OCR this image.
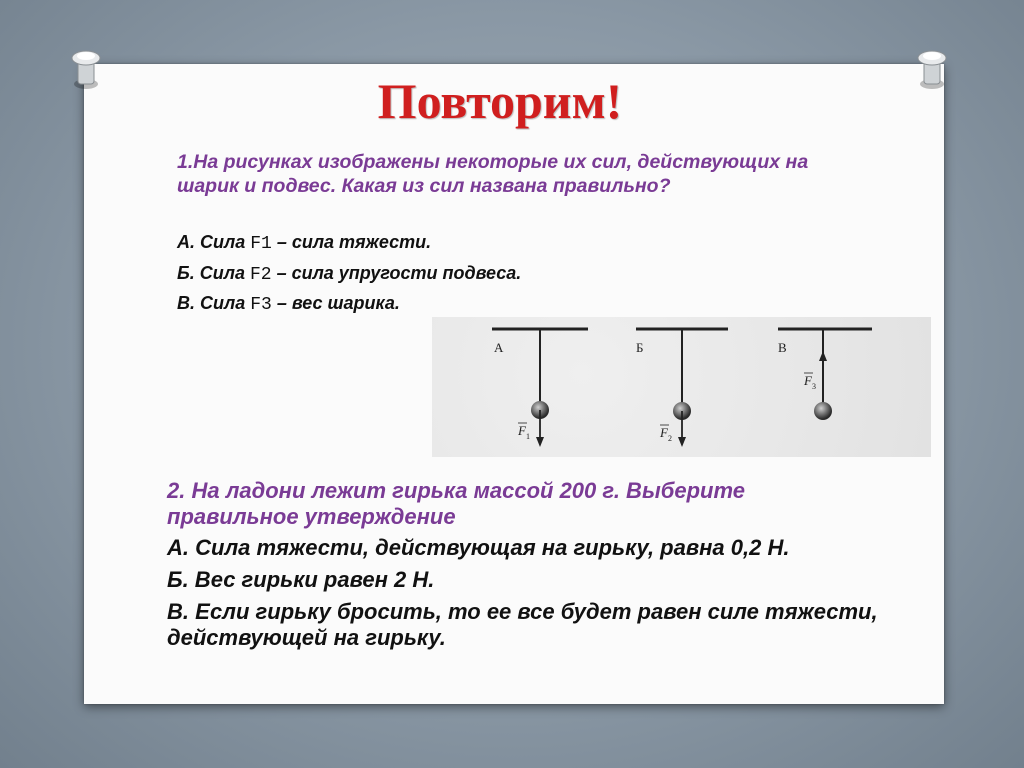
Повторим!
1.На рисунках изображены некоторые их сил, действующих на шарик и подвес. Какая из сил названа правильно?
А. Сила F1 – сила тяжести.
Б. Сила F2 – сила упругости подвеса.
В. Сила F3 – вес шарика.
А
F 1
Б
F 2
В
F 3
2. На ладони лежит гирька массой 200 г. Выберите правильное утверждение
А. Сила тяжести, действующая на гирьку, равна 0,2 Н.
Б. Вес гирьки равен 2 Н.
В. Если гирьку бросить, то ее все будет равен силе тяжести, действующей на гирьку.
